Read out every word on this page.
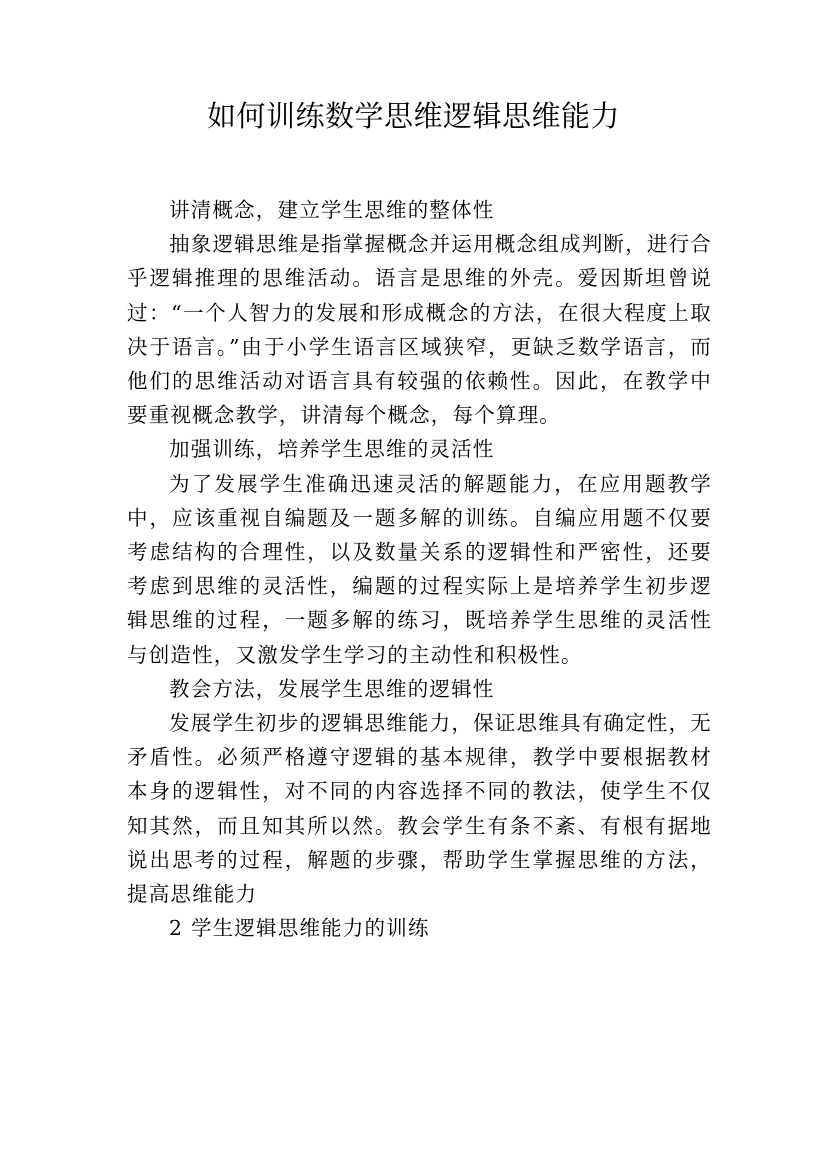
如何训练数学思维逻辑思维能力

讲清概念，建立学生思维的整体性

抽象逻辑思维是指掌握概念并运用概念组成判断，进行合乎逻辑推理的思维活动。语言是思维的外壳。爱因斯坦曾说过：“一个人智力的发展和形成概念的方法，在很大程度上取决于语言。”由于小学生语言区域狭窄，更缺乏数学语言，而他们的思维活动对语言具有较强的依赖性。因此，在教学中要重视概念教学，讲清每个概念，每个算理。

加强训练，培养学生思维的灵活性

为了发展学生准确迅速灵活的解题能力，在应用题教学中，应该重视自编题及一题多解的训练。自编应用题不仅要考虑结构的合理性，以及数量关系的逻辑性和严密性，还要考虑到思维的灵活性，编题的过程实际上是培养学生初步逻辑思维的过程，一题多解的练习，既培养学生思维的灵活性与创造性，又激发学生学习的主动性和积极性。

教会方法，发展学生思维的逻辑性

发展学生初步的逻辑思维能力，保证思维具有确定性，无矛盾性。必须严格遵守逻辑的基本规律，教学中要根据教材本身的逻辑性，对不同的内容选择不同的教法，使学生不仅知其然，而且知其所以然。教会学生有条不紊、有根有据地说出思考的过程，解题的步骤，帮助学生掌握思维的方法，提高思维能力

2 学生逻辑思维能力的训练
